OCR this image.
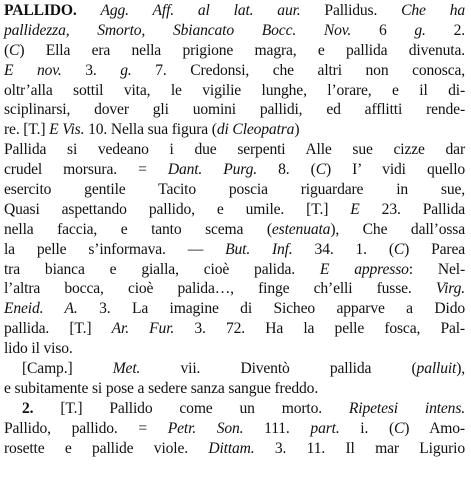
PALLIDO. Agg. Aff. al lat. aur. Pallidus. Che ha
pallidezza, Smorto, Sbiancato Bocc. Nov. 6 g. 2.
(C) Ella era nella prigione magra, e pallida divenuta.
E nov. 3. g. 7. Credonsi, che altri non conosca,
oltr’alla sottil vita, le vigilie lunghe, l’orare, e il di-
sciplinarsi, dover gli uomini pallidi, ed afflitti rende-
re. [T.] E Vis. 10. Nella sua figura (di Cleopatra)
Pallida si vedeano i due serpenti Alle sue cizze dar
crudel morsura. = Dant. Purg. 8. (C) I’ vidi quello
esercito gentile Tacito poscia riguardare in sue,
Quasi aspettando pallido, e umile. [T.] E 23. Pallida
nella faccia, e tanto scema (estenuata), Che dall’ossa
la pelle s’informava. — But. Inf. 34. 1. (C) Parea
tra bianca e gialla, cioè palida. E appresso: Nel-
l’altra bocca, cioè palida…, finge ch’elli fusse. Virg.
Eneid. A. 3. La imagine di Sicheo apparve a Dido
pallida. [T.] Ar. Fur. 3. 72. Ha la pelle fosca, Pal-
lido il viso.
[Camp.] Met. vii. Diventò pallida (palluit),
e subitamente si pose a sedere sanza sangue freddo.
2. [T.] Pallido come un morto. Ripetesi intens.
Pallido, pallido. = Petr. Son. 111. part. i. (C) Amo-
rosette e pallide viole. Dittam. 3. 11. Il mar Ligurio
